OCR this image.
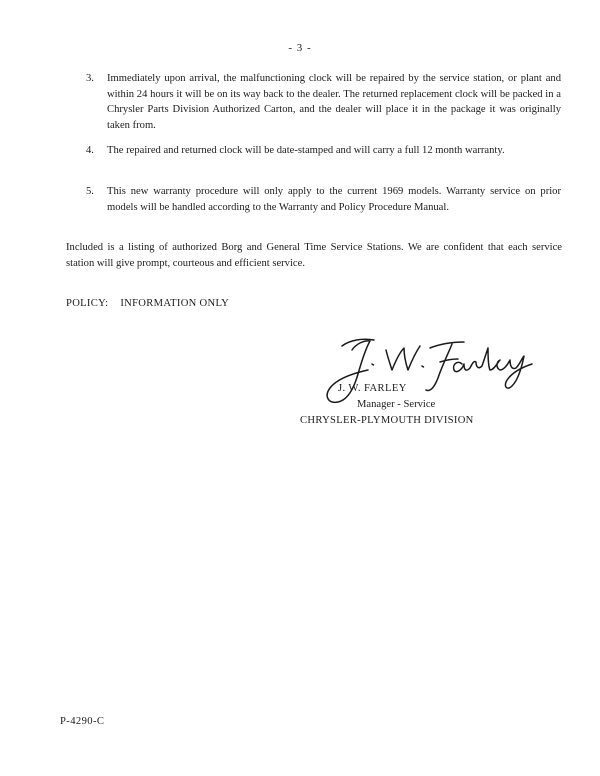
- 3 -
3. Immediately upon arrival, the malfunctioning clock will be repaired by the service station, or plant and within 24 hours it will be on its way back to the dealer. The returned replacement clock will be packed in a Chrysler Parts Division Authorized Carton, and the dealer will place it in the package it was originally taken from.
4. The repaired and returned clock will be date-stamped and will carry a full 12 month warranty.
5. This new warranty procedure will only apply to the current 1969 models. Warranty service on prior models will be handled according to the Warranty and Policy Procedure Manual.
Included is a listing of authorized Borg and General Time Service Stations. We are confident that each service station will give prompt, courteous and efficient service.
POLICY: INFORMATION ONLY
J. W. FARLEY
Manager - Service
CHRYSLER-PLYMOUTH DIVISION
P-4290-C
